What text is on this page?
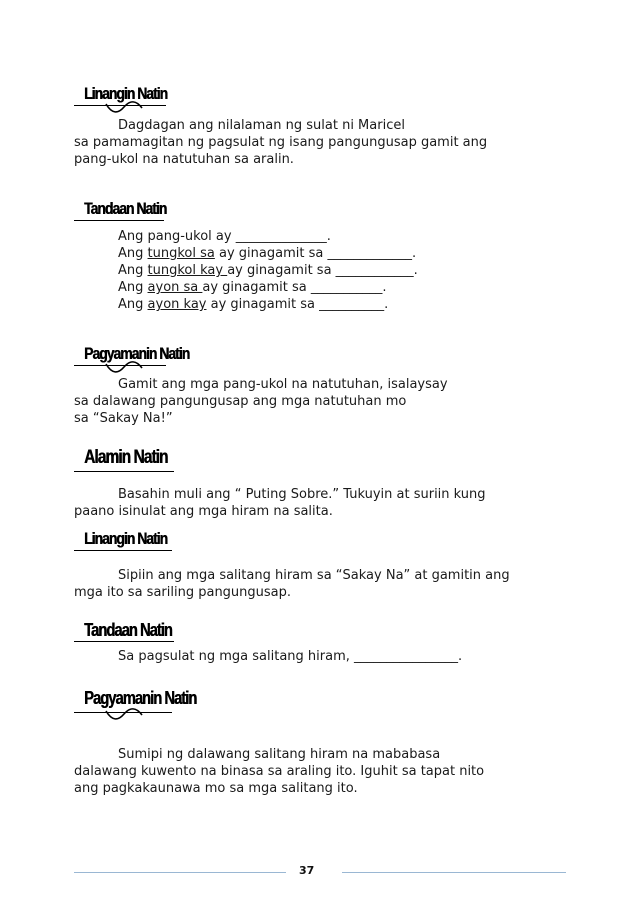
Linangin Natin
Dagdagan ang nilalaman ng sulat ni Maricel
sa pamamagitan ng pagsulat ng isang pangungusap gamit ang
pang-ukol na natutuhan sa aralin.
Tandaan Natin
Ang pang-ukol ay ______________.
Ang tungkol sa ay ginagamit sa _____________.
Ang tungkol kay ay ginagamit sa ____________.
Ang ayon sa ay ginagamit sa ___________.
Ang ayon kay ay ginagamit sa __________.
Pagyamanin Natin
Gamit ang mga pang-ukol na natutuhan, isalaysay
sa dalawang pangungusap ang mga natutuhan mo
sa “Sakay Na!”
Alamin Natin
Basahin muli ang “ Puting Sobre.” Tukuyin at suriin kung
paano isinulat ang mga hiram na salita.
Linangin Natin
Sipiin ang mga salitang hiram sa “Sakay Na” at gamitin ang
mga ito sa sariling pangungusap.
Tandaan Natin
Sa pagsulat ng mga salitang hiram, ________________.
Pagyamanin Natin
Sumipi ng dalawang salitang hiram na mababasa
dalawang kuwento na binasa sa araling ito. Iguhit sa tapat nito
ang pagkakaunawa mo sa mga salitang ito.
37
